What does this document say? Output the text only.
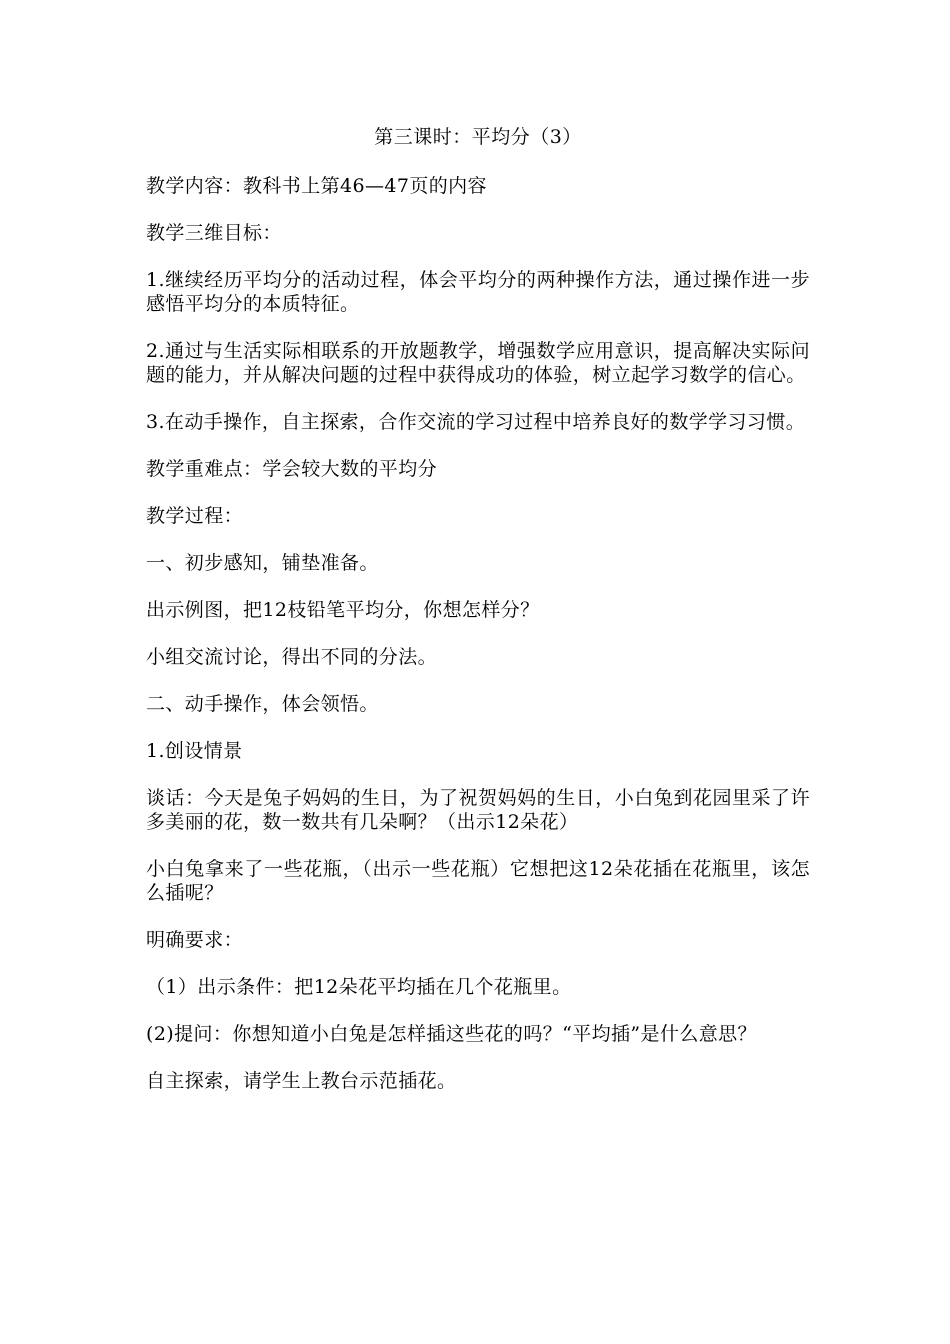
第三课时：平均分（3）
教学内容：教科书上第46—47页的内容
教学三维目标：
1.继续经历平均分的活动过程，体会平均分的两种操作方法，通过操作进一步感悟平均分的本质特征。
2.通过与生活实际相联系的开放题教学，增强数学应用意识，提高解决实际问题的能力，并从解决问题的过程中获得成功的体验，树立起学习数学的信心。
3.在动手操作，自主探索，合作交流的学习过程中培养良好的数学学习习惯。
教学重难点：学会较大数的平均分
教学过程：
一、初步感知，铺垫准备。
出示例图，把12枝铅笔平均分，你想怎样分？
小组交流讨论，得出不同的分法。
二、动手操作，体会领悟。
1.创设情景
谈话：今天是兔子妈妈的生日，为了祝贺妈妈的生日，小白兔到花园里采了许多美丽的花，数一数共有几朵啊？（出示12朵花）
小白兔拿来了一些花瓶，（出示一些花瓶）它想把这12朵花插在花瓶里，该怎么插呢？
明确要求：
（1）出示条件：把12朵花平均插在几个花瓶里。
(2)提问：你想知道小白兔是怎样插这些花的吗？“平均插”是什么意思？
自主探索，请学生上教台示范插花。
